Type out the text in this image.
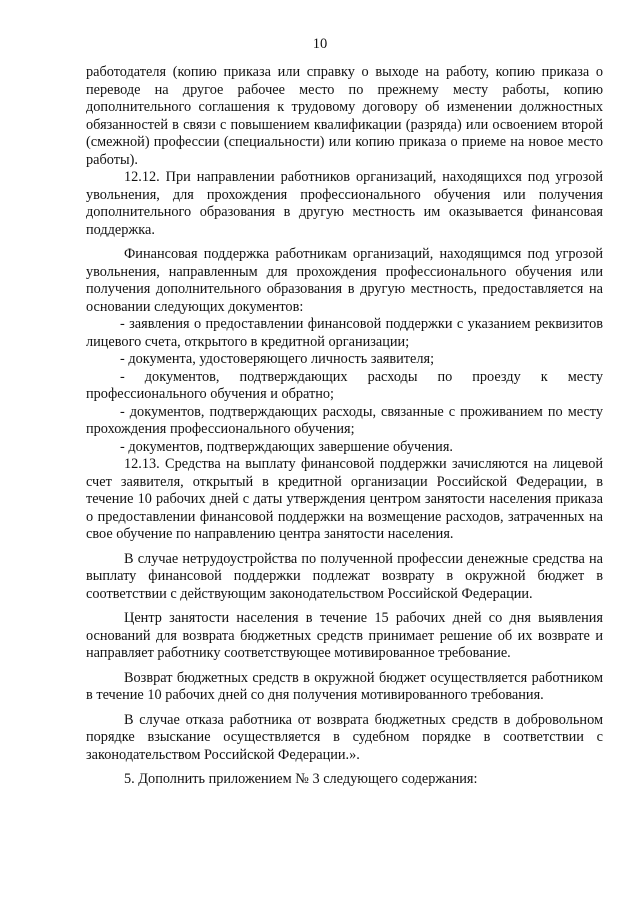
10

работодателя (копию приказа или справку о выходе на работу, копию приказа о переводе на другое рабочее место по прежнему месту работы, копию дополнительного соглашения к трудовому договору об изменении должностных обязанностей в связи с повышением квалификации (разряда) или освоением второй (смежной) профессии (специальности) или копию приказа о приеме на новое место работы).

12.12. При направлении работников организаций, находящихся под угрозой увольнения, для прохождения профессионального обучения или получения дополнительного образования в другую местность им оказывается финансовая поддержка.

Финансовая поддержка работникам организаций, находящимся под угрозой увольнения, направленным для прохождения профессионального обучения или получения дополнительного образования в другую местность, предоставляется на основании следующих документов:

- заявления о предоставлении финансовой поддержки с указанием реквизитов лицевого счета, открытого в кредитной организации;

- документа, удостоверяющего личность заявителя;

- документов, подтверждающих расходы по проезду к месту профессионального обучения и обратно;

- документов, подтверждающих расходы, связанные с проживанием по месту прохождения профессионального обучения;

- документов, подтверждающих завершение обучения.

12.13. Средства на выплату финансовой поддержки зачисляются на лицевой счет заявителя, открытый в кредитной организации Российской Федерации, в течение 10 рабочих дней с даты утверждения центром занятости населения приказа о предоставлении финансовой поддержки на возмещение расходов, затраченных на свое обучение по направлению центра занятости населения.

В случае нетрудоустройства по полученной профессии денежные средства на выплату финансовой поддержки подлежат возврату в окружной бюджет в соответствии с действующим законодательством Российской Федерации.

Центр занятости населения в течение 15 рабочих дней со дня выявления оснований для возврата бюджетных средств принимает решение об их возврате и направляет работнику соответствующее мотивированное требование.

Возврат бюджетных средств в окружной бюджет осуществляется работником в течение 10 рабочих дней со дня получения мотивированного требования.

В случае отказа работника от возврата бюджетных средств в добровольном порядке взыскание осуществляется в судебном порядке в соответствии с законодательством Российской Федерации.».

5. Дополнить приложением № 3 следующего содержания:
